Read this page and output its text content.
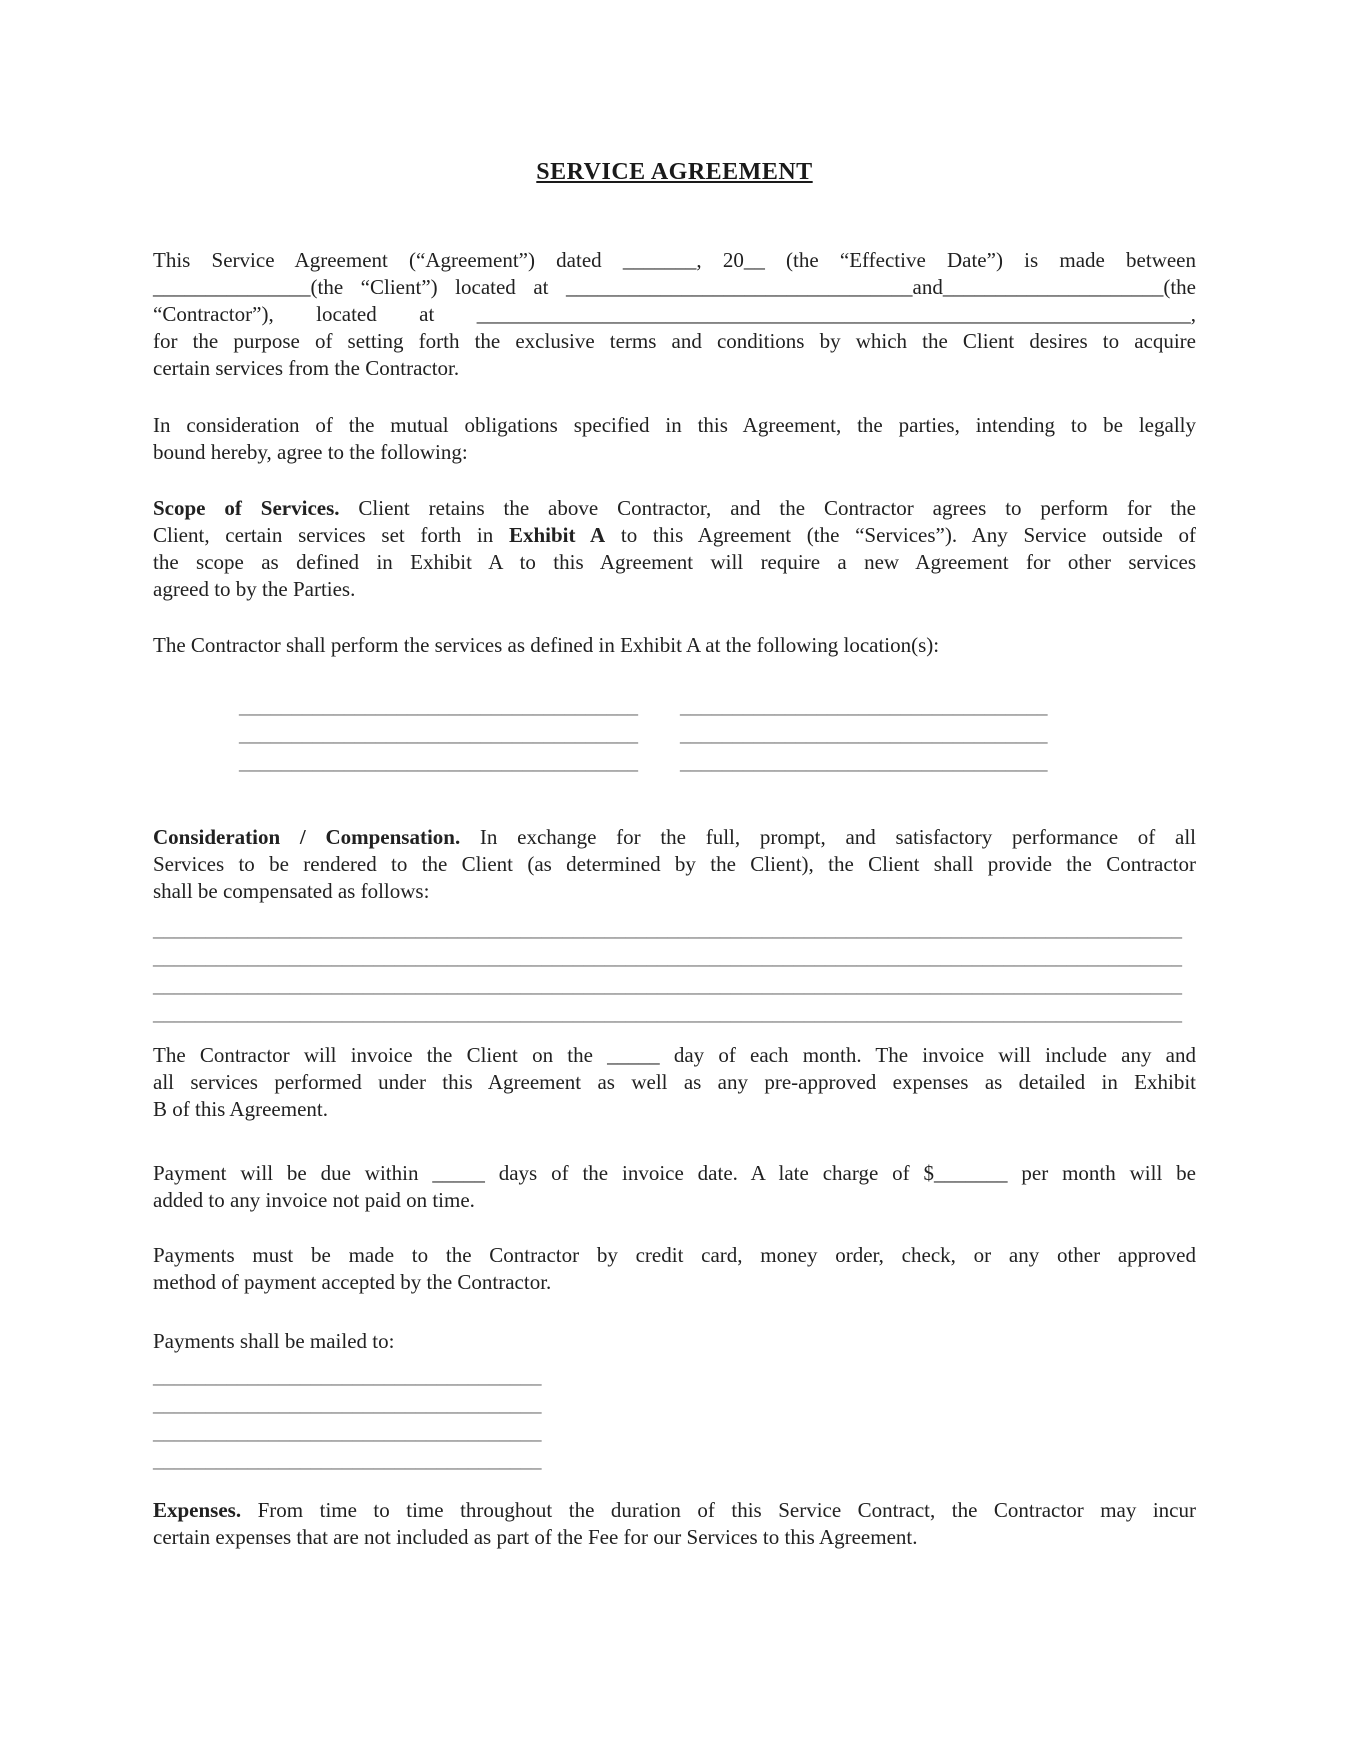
SERVICE AGREEMENT
This Service Agreement (“Agreement”) dated _______, 20__ (the “Effective Date”) is made between
_______________(the “Client”) located at _________________________________and_____________________(the
“Contractor”), located at ____________________________________________________________________,
for the purpose of setting forth the exclusive terms and conditions by which the Client desires to acquire
certain services from the Contractor.
In consideration of the mutual obligations specified in this Agreement, the parties, intending to be legally
bound hereby, agree to the following:
Scope of Services. Client retains the above Contractor, and the Contractor agrees to perform for the
Client, certain services set forth in Exhibit A to this Agreement (the “Services”). Any Service outside of
the scope as defined in Exhibit A to this Agreement will require a new Agreement for other services
agreed to by the Parties.
The Contractor shall perform the services as defined in Exhibit A at the following location(s):
______________________________________ ___________________________________
______________________________________ ___________________________________
______________________________________ ___________________________________
Consideration / Compensation. In exchange for the full, prompt, and satisfactory performance of all
Services to be rendered to the Client (as determined by the Client), the Client shall provide the Contractor
shall be compensated as follows:
__________________________________________________________________________________________________
__________________________________________________________________________________________________
__________________________________________________________________________________________________
__________________________________________________________________________________________________
The Contractor will invoice the Client on the _____ day of each month. The invoice will include any and
all services performed under this Agreement as well as any pre-approved expenses as detailed in Exhibit
B of this Agreement.
Payment will be due within _____ days of the invoice date. A late charge of $_______ per month will be
added to any invoice not paid on time.
Payments must be made to the Contractor by credit card, money order, check, or any other approved
method of payment accepted by the Contractor.
Payments shall be mailed to:
_____________________________________
_____________________________________
_____________________________________
_____________________________________
Expenses. From time to time throughout the duration of this Service Contract, the Contractor may incur
certain expenses that are not included as part of the Fee for our Services to this Agreement.
